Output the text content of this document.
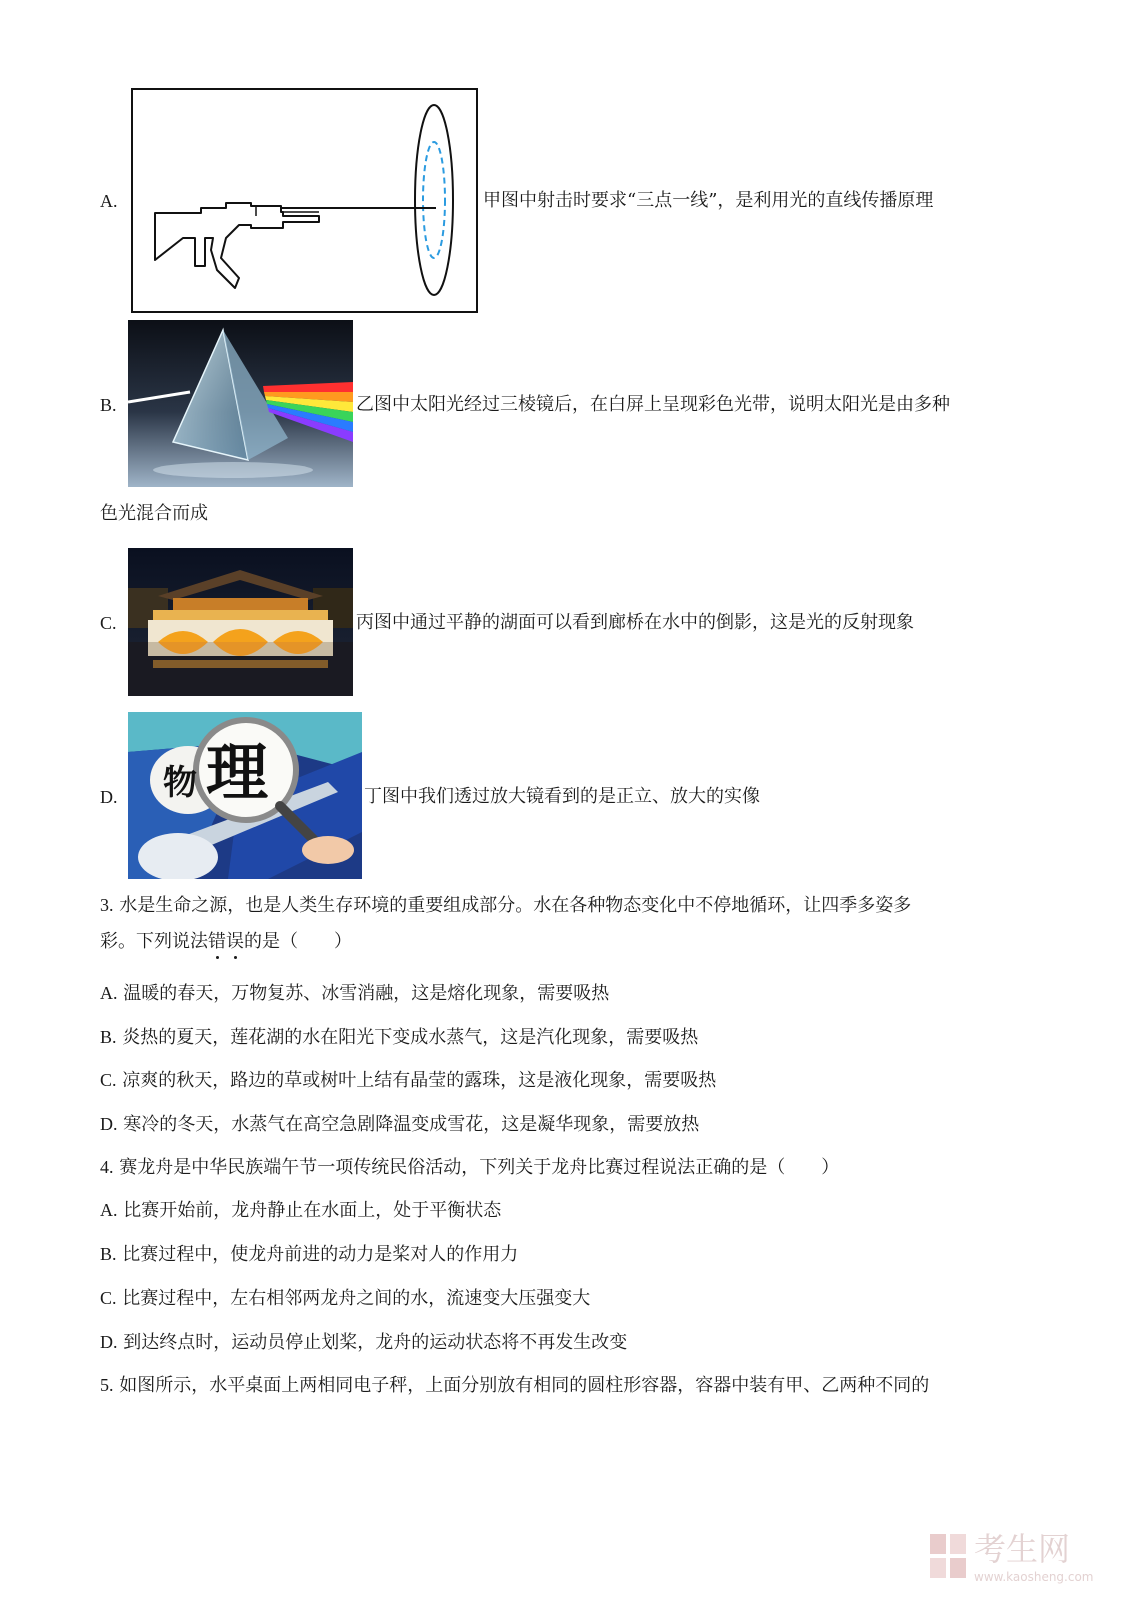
A.	甲图中射击时要求“三点一线”，是利用光的直线传播原理
B.	乙图中太阳光经过三棱镜后，在白屏上呈现彩色光带，说明太阳光是由多种
色光混合而成
C.	丙图中通过平静的湖面可以看到廊桥在水中的倒影，这是光的反射现象
D. 物 理	丁图中我们透过放大镜看到的是正立、放大的实像
3. 水是生命之源，也是人类生存环境的重要组成部分。水在各种物态变化中不停地循环，让四季多姿多
彩。下列说法错误的是（　　）
A. 温暖的春天，万物复苏、冰雪消融，这是熔化现象，需要吸热
B. 炎热的夏天，莲花湖的水在阳光下变成水蒸气，这是汽化现象，需要吸热
C. 凉爽的秋天，路边的草或树叶上结有晶莹的露珠，这是液化现象，需要吸热
D. 寒冷的冬天，水蒸气在高空急剧降温变成雪花，这是凝华现象，需要放热
4. 赛龙舟是中华民族端午节一项传统民俗活动，下列关于龙舟比赛过程说法正确的是（　　）
A. 比赛开始前，龙舟静止在水面上，处于平衡状态
B. 比赛过程中，使龙舟前进的动力是桨对人的作用力
C. 比赛过程中，左右相邻两龙舟之间的水，流速变大压强变大
D. 到达终点时，运动员停止划桨，龙舟的运动状态将不再发生改变
5. 如图所示，水平桌面上两相同电子秤，上面分别放有相同的圆柱形容器，容器中装有甲、乙两种不同的
考生网
www.kaosheng.com
